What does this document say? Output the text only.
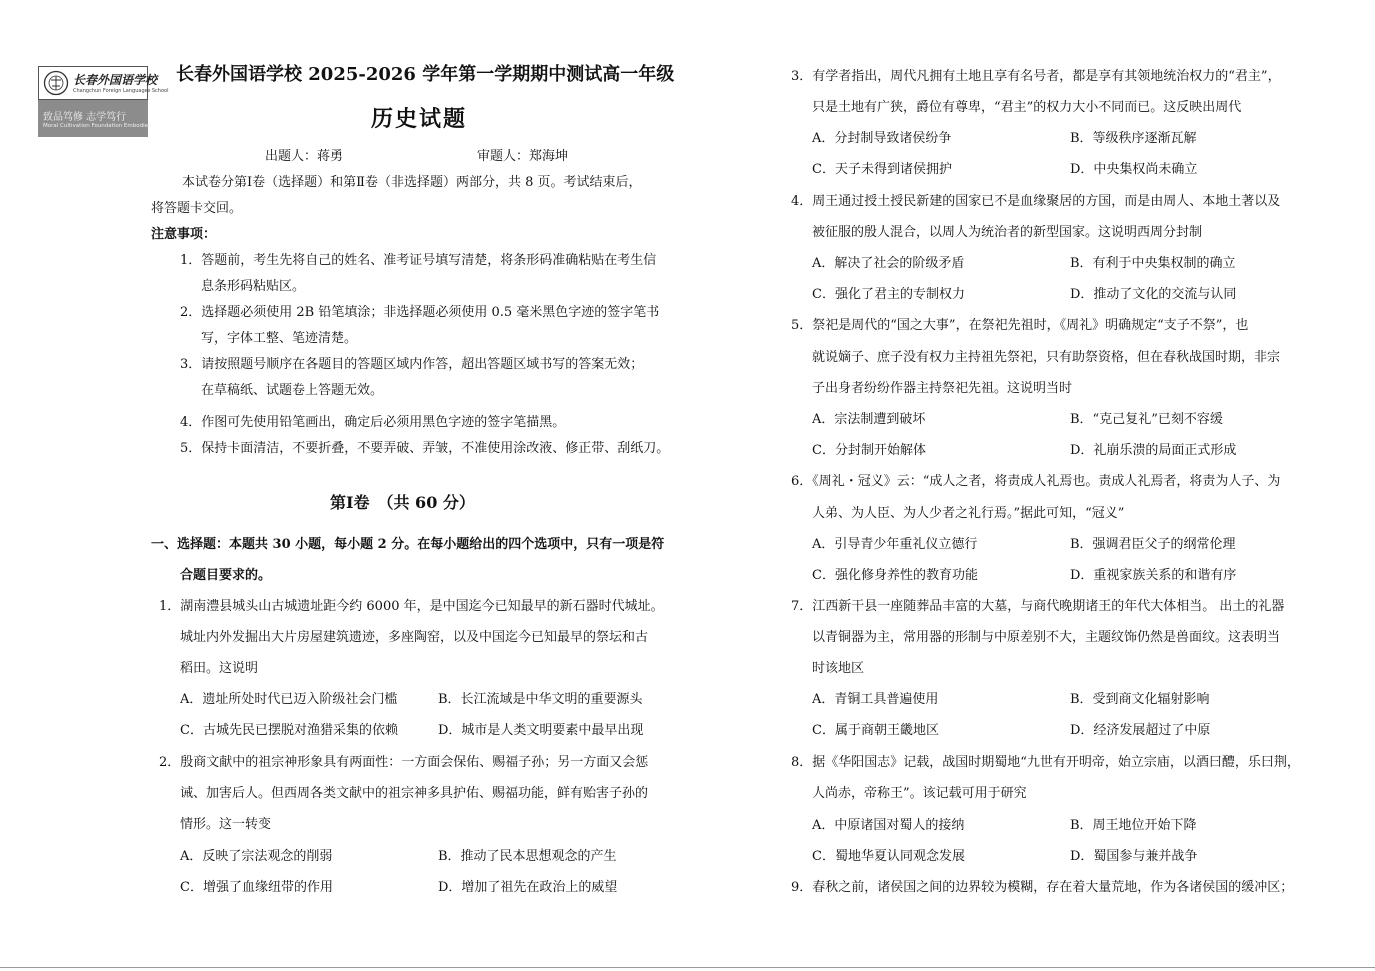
长春外国语学校
Changchun Foreign Languages School
致品笃修 志学笃行
Moral Cultivation Foundation Embodied
长春外国语学校 2025-2026 学年第一学期期中测试高一年级
历史试题
出题人：蒋勇	审题人：郑海坤
本试卷分第Ⅰ卷（选择题）和第Ⅱ卷（非选择题）两部分，共 8 页。考试结束后，
将答题卡交回。
注意事项：
1．答题前，考生先将自己的姓名、准考证号填写清楚，将条形码准确粘贴在考生信
息条形码粘贴区。
2．选择题必须使用 2B 铅笔填涂；非选择题必须使用 0.5 毫米黑色字迹的签字笔书
写，字体工整、笔迹清楚。
3．请按照题号顺序在各题目的答题区域内作答，超出答题区域书写的答案无效；
在草稿纸、试题卷上答题无效。
4．作图可先使用铅笔画出，确定后必须用黑色字迹的签字笔描黑。
5．保持卡面清洁，不要折叠，不要弄破、弄皱，不准使用涂改液、修正带、刮纸刀。
第Ⅰ卷　（共 60 分）
一、选择题：本题共 30 小题，每小题 2 分。在每小题给出的四个选项中，只有一项是符
合题目要求的。
1．湖南澧县城头山古城遗址距今约 6000 年，是中国迄今已知最早的新石器时代城址。
城址内外发掘出大片房屋建筑遗迹，多座陶窑，以及中国迄今已知最早的祭坛和古
稻田。这说明
A．遗址所处时代已迈入阶级社会门槛	B．长江流域是中华文明的重要源头
C．古城先民已摆脱对渔猎采集的依赖	D．城市是人类文明要素中最早出现
2．殷商文献中的祖宗神形象具有两面性：一方面会保佑、赐福子孙；另一方面又会惩
诫、加害后人。但西周各类文献中的祖宗神多具护佑、赐福功能，鲜有贻害子孙的
情形。这一转变
A．反映了宗法观念的削弱	B．推动了民本思想观念的产生
C．增强了血缘纽带的作用	D．增加了祖先在政治上的威望
3．有学者指出，周代凡拥有土地且享有名号者，都是享有其领地统治权力的“君主”，
只是土地有广狭，爵位有尊卑，“君主”的权力大小不同而已。这反映出周代
A．分封制导致诸侯纷争	B．等级秩序逐渐瓦解
C．天子未得到诸侯拥护	D．中央集权尚未确立
4．周王通过授土授民新建的国家已不是血缘聚居的方国，而是由周人、本地土著以及
被征服的殷人混合，以周人为统治者的新型国家。这说明西周分封制
A．解决了社会的阶级矛盾	B．有利于中央集权制的确立
C．强化了君主的专制权力	D．推动了文化的交流与认同
5．祭祀是周代的“国之大事”，在祭祀先祖时，《周礼》明确规定“支子不祭”，也
就说嫡子、庶子没有权力主持祖先祭祀，只有助祭资格，但在春秋战国时期，非宗
子出身者纷纷作器主持祭祀先祖。这说明当时
A．宗法制遭到破坏	B．“克己复礼”已刻不容缓
C．分封制开始解体	D．礼崩乐溃的局面正式形成
6．《周礼・冠义》云：“成人之者，将责成人礼焉也。责成人礼焉者，将责为人子、为
人弟、为人臣、为人少者之礼行焉。”据此可知，“冠义”
A．引导青少年重礼仪立德行	B．强调君臣父子的纲常伦理
C．强化修身养性的教育功能	D．重视家族关系的和谐有序
7．江西新干县一座随葬品丰富的大墓，与商代晚期诸王的年代大体相当。 出土的礼器
以青铜器为主，常用器的形制与中原差别不大，主题纹饰仍然是兽面纹。这表明当
时该地区
A．青铜工具普遍使用	B．受到商文化辐射影响
C．属于商朝王畿地区	D．经济发展超过了中原
8．据《华阳国志》记载，战国时期蜀地“九世有开明帝，始立宗庙，以酒曰醴，乐曰荆，
人尚赤，帝称王”。该记载可用于研究
A．中原诸国对蜀人的接纳	B．周王地位开始下降
C．蜀地华夏认同观念发展	D．蜀国参与兼并战争
9．春秋之前，诸侯国之间的边界较为模糊，存在着大量荒地，作为各诸侯国的缓冲区；
